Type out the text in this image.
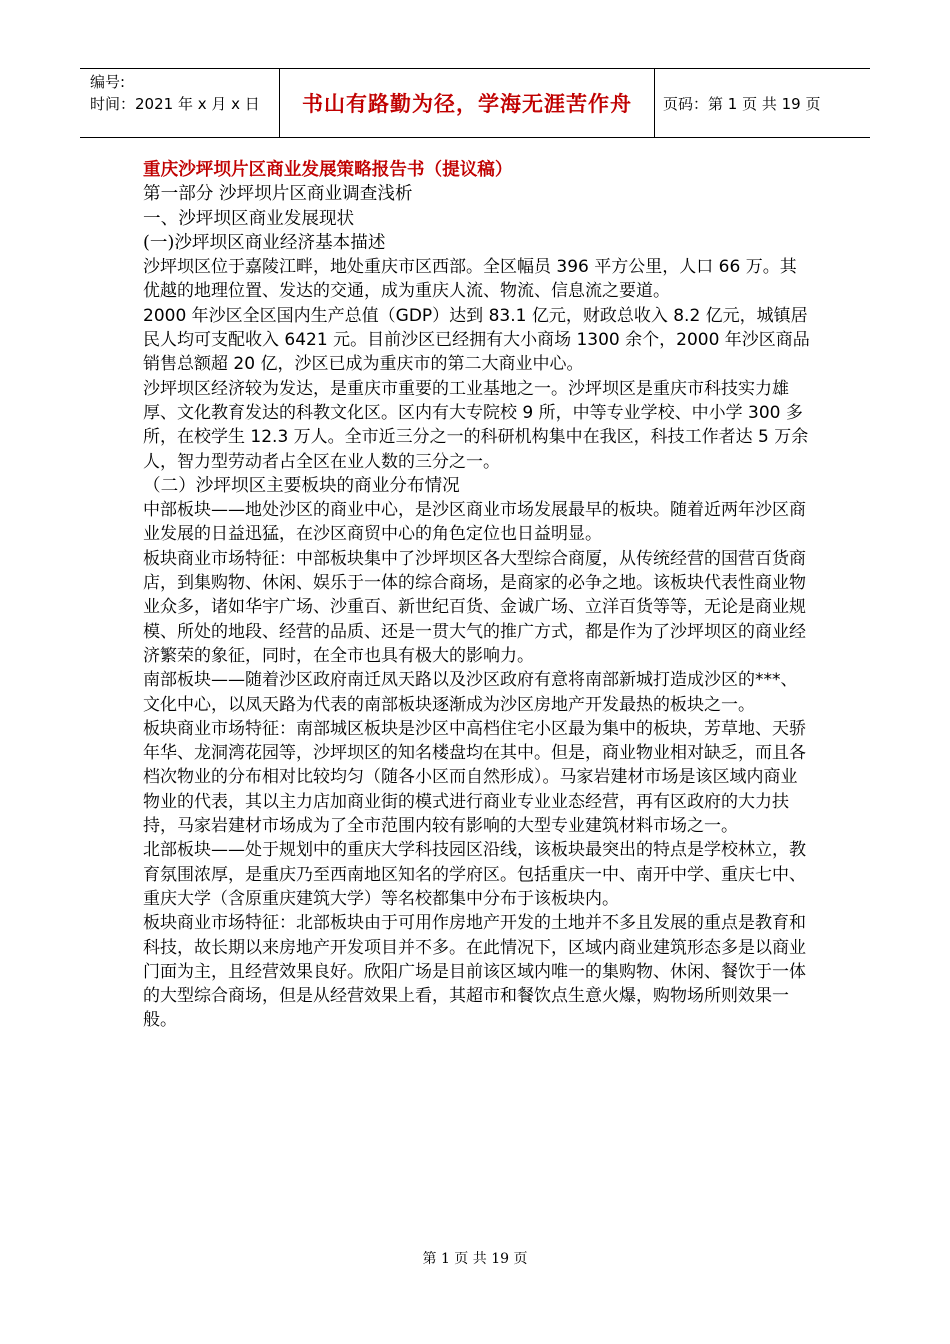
编号:
时间：2021 年 x 月 x 日	书山有路勤为径，学海无涯苦作舟	页码：第 1 页 共 19 页

重庆沙坪坝片区商业发展策略报告书（提议稿）

第一部分 沙坪坝片区商业调查浅析

一、沙坪坝区商业发展现状

(一)沙坪坝区商业经济基本描述

沙坪坝区位于嘉陵江畔，地处重庆市区西部。全区幅员 396 平方公里，人口 66 万。其优越的地理位置、发达的交通，成为重庆人流、物流、信息流之要道。

2000 年沙区全区国内生产总值（GDP）达到 83.1 亿元，财政总收入 8.2 亿元，城镇居民人均可支配收入 6421 元。目前沙区已经拥有大小商场 1300 余个，2000 年沙区商品销售总额超 20 亿，沙区已成为重庆市的第二大商业中心。

沙坪坝区经济较为发达，是重庆市重要的工业基地之一。沙坪坝区是重庆市科技实力雄厚、文化教育发达的科教文化区。区内有大专院校 9 所，中等专业学校、中小学 300 多所，在校学生 12.3 万人。全市近三分之一的科研机构集中在我区，科技工作者达 5 万余人，智力型劳动者占全区在业人数的三分之一。

（二）沙坪坝区主要板块的商业分布情况

中部板块——地处沙区的商业中心，是沙区商业市场发展最早的板块。随着近两年沙区商业发展的日益迅猛，在沙区商贸中心的角色定位也日益明显。

板块商业市场特征：中部板块集中了沙坪坝区各大型综合商厦，从传统经营的国营百货商店，到集购物、休闲、娱乐于一体的综合商场，是商家的必争之地。该板块代表性商业物业众多，诸如华宇广场、沙重百、新世纪百货、金诚广场、立洋百货等等，无论是商业规模、所处的地段、经营的品质、还是一贯大气的推广方式，都是作为了沙坪坝区的商业经济繁荣的象征，同时，在全市也具有极大的影响力。

南部板块——随着沙区政府南迁凤天路以及沙区政府有意将南部新城打造成沙区的***、文化中心，以凤天路为代表的南部板块逐渐成为沙区房地产开发最热的板块之一。

板块商业市场特征：南部城区板块是沙区中高档住宅小区最为集中的板块，芳草地、天骄年华、龙洞湾花园等，沙坪坝区的知名楼盘均在其中。但是，商业物业相对缺乏，而且各档次物业的分布相对比较均匀（随各小区而自然形成）。马家岩建材市场是该区域内商业物业的代表，其以主力店加商业街的模式进行商业专业业态经营，再有区政府的大力扶持，马家岩建材市场成为了全市范围内较有影响的大型专业建筑材料市场之一。

北部板块——处于规划中的重庆大学科技园区沿线，该板块最突出的特点是学校林立，教育氛围浓厚，是重庆乃至西南地区知名的学府区。包括重庆一中、南开中学、重庆七中、重庆大学（含原重庆建筑大学）等名校都集中分布于该板块内。

板块商业市场特征：北部板块由于可用作房地产开发的土地并不多且发展的重点是教育和科技，故长期以来房地产开发项目并不多。在此情况下，区域内商业建筑形态多是以商业门面为主，且经营效果良好。欣阳广场是目前该区域内唯一的集购物、休闲、餐饮于一体的大型综合商场，但是从经营效果上看，其超市和餐饮点生意火爆，购物场所则效果一般。

第 1 页 共 19 页
